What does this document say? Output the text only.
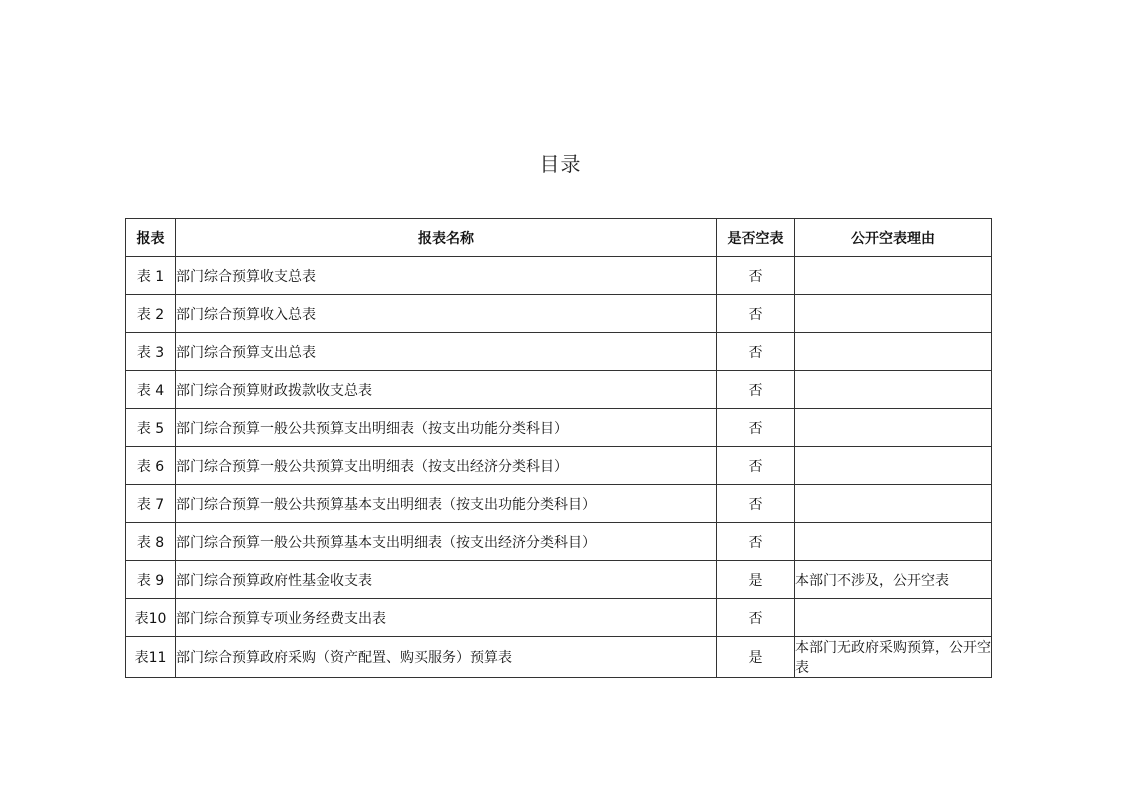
目录
报表	报表名称	是否空表	公开空表理由
表 1	部门综合预算收支总表	否	
表 2	部门综合预算收入总表	否	
表 3	部门综合预算支出总表	否	
表 4	部门综合预算财政拨款收支总表	否	
表 5	部门综合预算一般公共预算支出明细表（按支出功能分类科目）	否	
表 6	部门综合预算一般公共预算支出明细表（按支出经济分类科目）	否	
表 7	部门综合预算一般公共预算基本支出明细表（按支出功能分类科目）	否	
表 8	部门综合预算一般公共预算基本支出明细表（按支出经济分类科目）	否	
表 9	部门综合预算政府性基金收支表	是	本部门不涉及，公开空表
表10	部门综合预算专项业务经费支出表	否	
表11	部门综合预算政府采购（资产配置、购买服务）预算表	是	本部门无政府采购预算，公开空表
